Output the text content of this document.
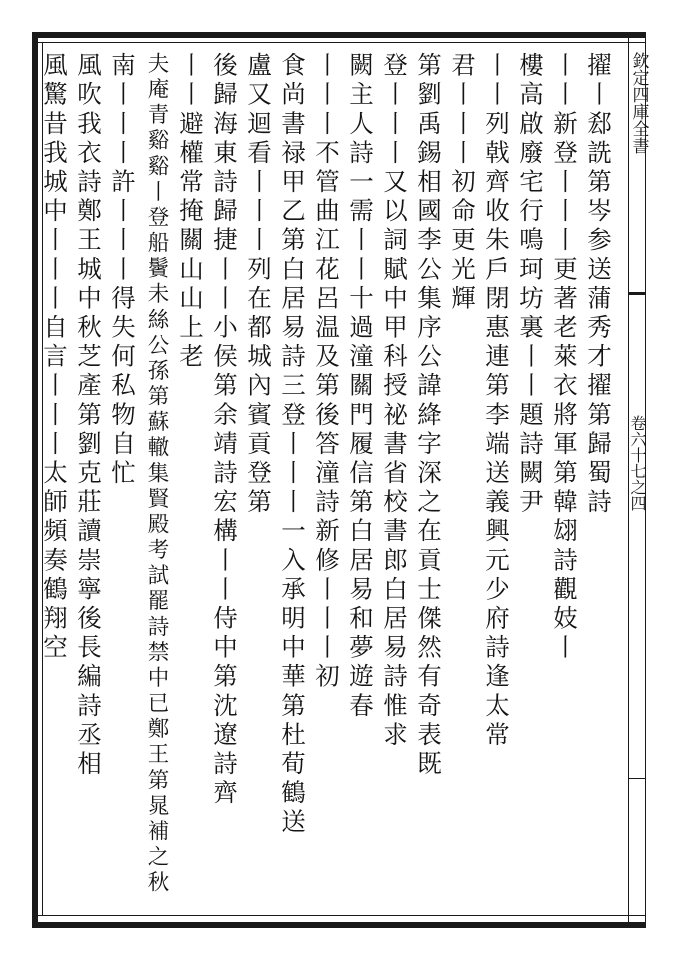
欽定四庫全書
卷六十七之四
擢丨郄詵第岑参送蒲秀才擢第歸蜀詩
丨丨新登丨丨丨更著老萊衣將軍第韓翃詩觀妓丨
樓高啟廢宅行鳴珂坊裏丨丨題詩闕尹
丨丨列戟齊收朱戶閉惠連第李端送義興元少府詩逢太常
君丨丨丨初命更光輝
第劉禹錫相國李公集序公諱絳字深之在貢士傑然有奇表既
登丨丨丨又以詞賦中甲科授祕書省校書郎白居易詩惟求
闕主人詩一需丨丨十過潼關門履信第白居易和夢遊春
丨丨丨不管曲江花呂温及第後答潼詩新修丨丨丨初
食尚書禄甲乙第白居易詩三登丨丨丨一入承明中華第杜荀鶴送
盧又迴看丨丨丨列在都城內賓貢登第
後歸海東詩歸捷丨丨小侯第余靖詩宏構丨丨侍中第沈遼詩齊
丨丨避權常掩關山山上老
夫庵青谿谿丨登船鬢未絲公孫第蘇轍集賢殿考試罷詩禁中已鄭王第晁補之秋
南丨丨丨許丨丨丨得失何私物自忙
風吹我衣詩鄭王城中秋芝產第劉克莊讀崇寧後長編詩丞相
風驚昔我城中丨丨丨自言丨丨丨太師頻奏鶴翔空
